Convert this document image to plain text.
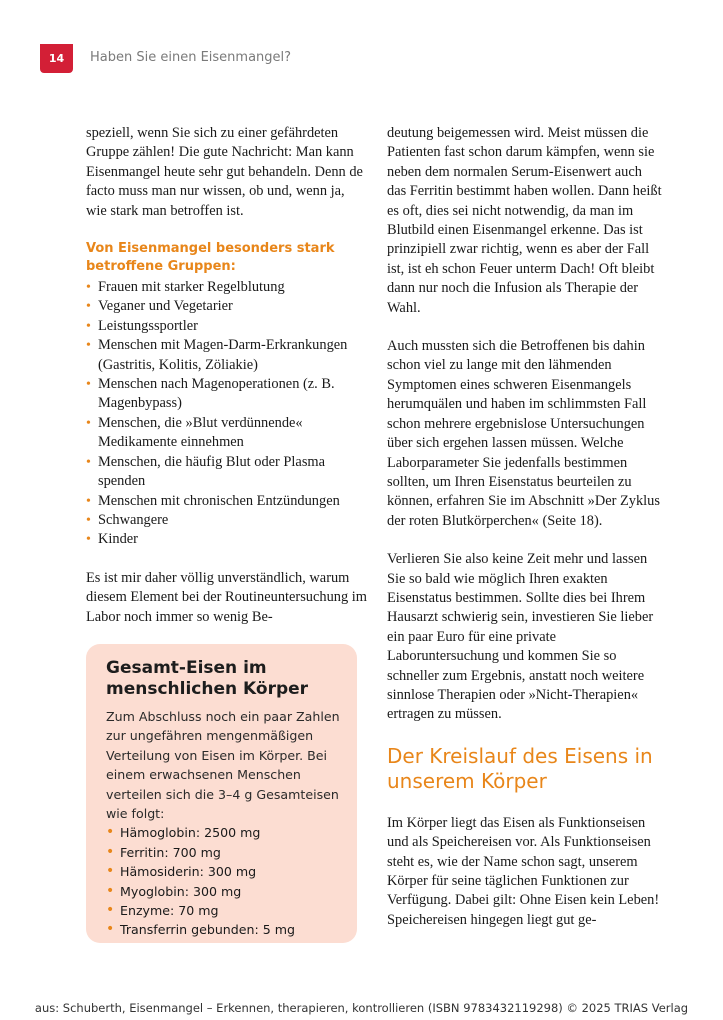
14	Haben Sie einen Eisenmangel?

speziell, wenn Sie sich zu einer gefährdeten Gruppe zählen! Die gute Nachricht: Man kann Eisenmangel heute sehr gut behandeln. Denn de facto muss man nur wissen, ob und, wenn ja, wie stark man betroffen ist.

Von Eisenmangel besonders stark betroffene Gruppen:
• Frauen mit starker Regelblutung
• Veganer und Vegetarier
• Leistungssportler
• Menschen mit Magen-Darm-Erkrankungen (Gastritis, Kolitis, Zöliakie)
• Menschen nach Magenoperationen (z. B. Magenbypass)
• Menschen, die »Blut verdünnende« Medikamente einnehmen
• Menschen, die häufig Blut oder Plasma spenden
• Menschen mit chronischen Entzündungen
• Schwangere
• Kinder

Es ist mir daher völlig unverständlich, warum diesem Element bei der Routineuntersuchung im Labor noch immer so wenig Be-

Gesamt-Eisen im menschlichen Körper

Zum Abschluss noch ein paar Zahlen zur ungefähren mengenmäßigen Verteilung von Eisen im Körper. Bei einem erwachsenen Menschen verteilen sich die 3–4 g Gesamteisen wie folgt:

• Hämoglobin: 2500 mg
• Ferritin: 700 mg
• Hämosiderin: 300 mg
• Myoglobin: 300 mg
• Enzyme: 70 mg
• Transferrin gebunden: 5 mg

deutung beigemessen wird. Meist müssen die Patienten fast schon darum kämpfen, wenn sie neben dem normalen Serum-Eisenwert auch das Ferritin bestimmt haben wollen. Dann heißt es oft, dies sei nicht notwendig, da man im Blutbild einen Eisenmangel erkenne. Das ist prinzipiell zwar richtig, wenn es aber der Fall ist, ist eh schon Feuer unterm Dach! Oft bleibt dann nur noch die Infusion als Therapie der Wahl.

Auch mussten sich die Betroffenen bis dahin schon viel zu lange mit den lähmenden Symptomen eines schweren Eisenmangels herumquälen und haben im schlimmsten Fall schon mehrere ergebnislose Untersuchungen über sich ergehen lassen müssen. Welche Laborparameter Sie jedenfalls bestimmen sollten, um Ihren Eisenstatus beurteilen zu können, erfahren Sie im Abschnitt »Der Zyklus der roten Blutkörperchen« (Seite 18).

Verlieren Sie also keine Zeit mehr und lassen Sie so bald wie möglich Ihren exakten Eisenstatus bestimmen. Sollte dies bei Ihrem Hausarzt schwierig sein, investieren Sie lieber ein paar Euro für eine private Laboruntersuchung und kommen Sie so schneller zum Ergebnis, anstatt noch weitere sinnlose Therapien oder »Nicht-Therapien« ertragen zu müssen.

Der Kreislauf des Eisens in unserem Körper

Im Körper liegt das Eisen als Funktionseisen und als Speichereisen vor. Als Funktionseisen steht es, wie der Name schon sagt, unserem Körper für seine täglichen Funktionen zur Verfügung. Dabei gilt: Ohne Eisen kein Leben! Speichereisen hingegen liegt gut ge-

aus: Schuberth, Eisenmangel – Erkennen, therapieren, kontrollieren (ISBN 9783432119298) © 2025 TRIAS Verlag
